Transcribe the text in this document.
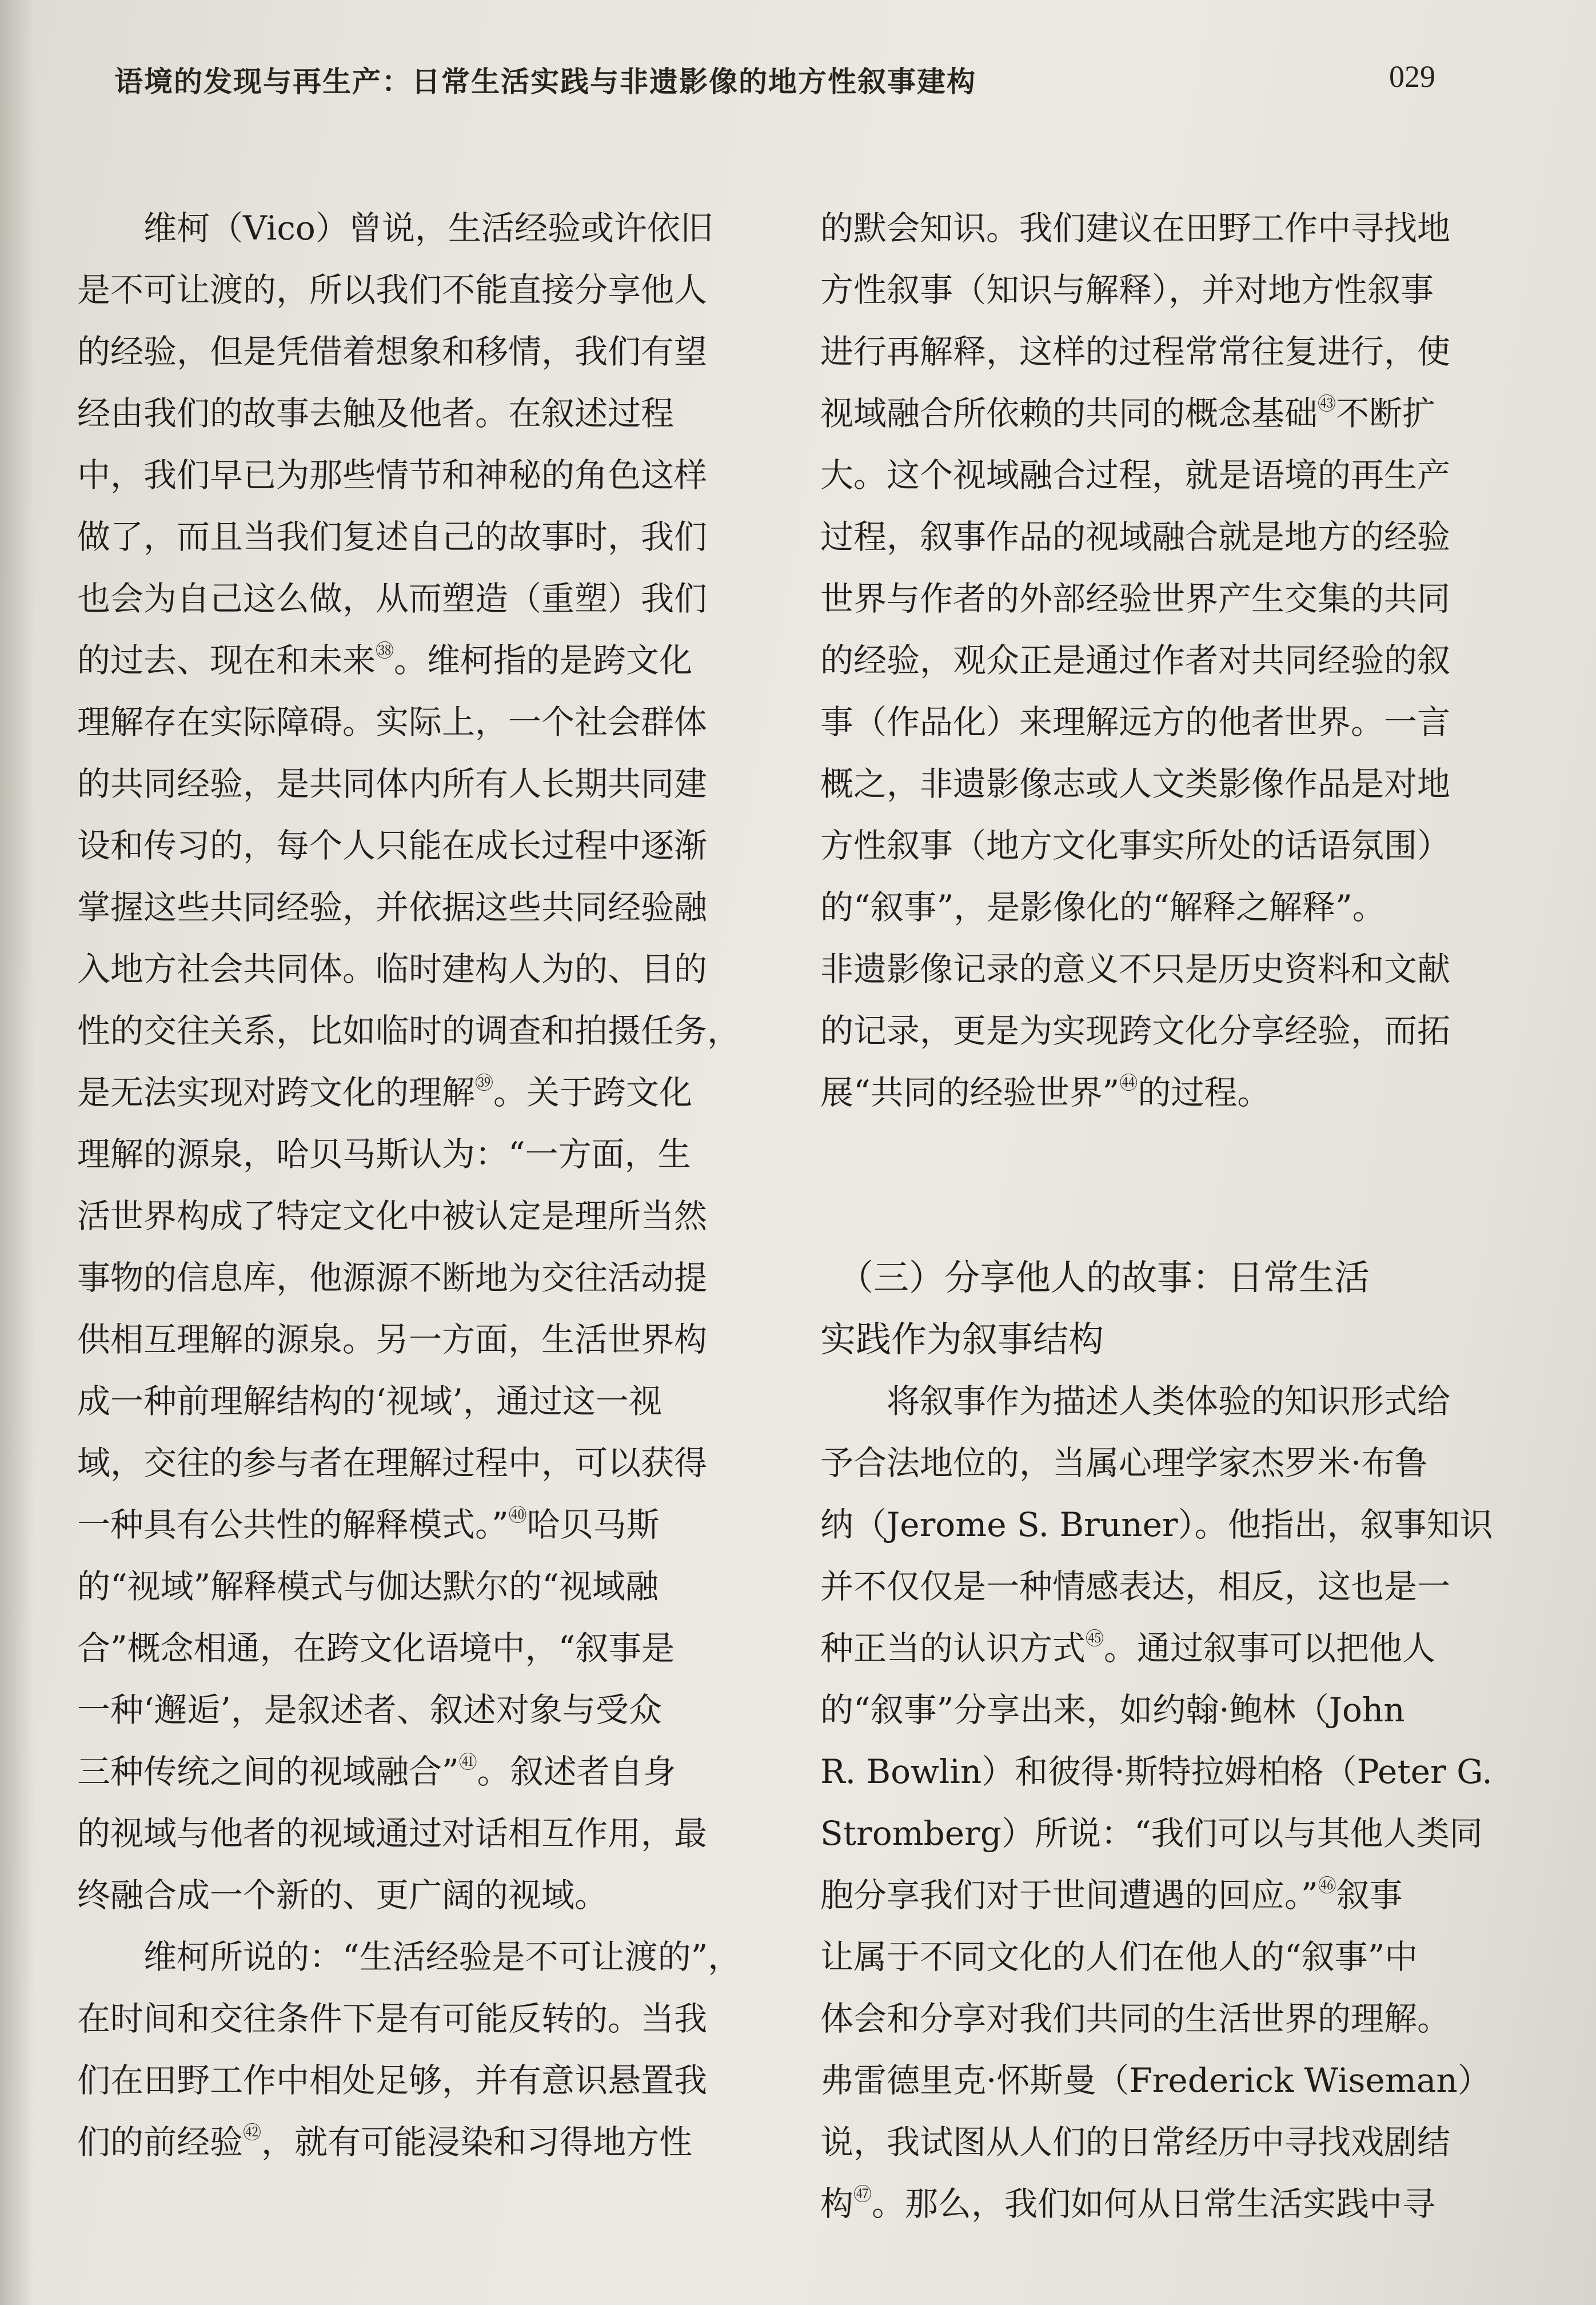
语境的发现与再生产：日常生活实践与非遗影像的地方性叙事建构	029
　　维柯（Vico）曾说，生活经验或许依旧
是不可让渡的，所以我们不能直接分享他人
的经验，但是凭借着想象和移情，我们有望
经由我们的故事去触及他者。在叙述过程
中，我们早已为那些情节和神秘的角色这样
做了，而且当我们复述自己的故事时，我们
也会为自己这么做，从而塑造（重塑）我们
的过去、现在和未来$^㊳$。维柯指的是跨文化
理解存在实际障碍。实际上，一个社会群体
的共同经验，是共同体内所有人长期共同建
设和传习的，每个人只能在成长过程中逐渐
掌握这些共同经验，并依据这些共同经验融
入地方社会共同体。临时建构人为的、目的
性的交往关系，比如临时的调查和拍摄任务，
是无法实现对跨文化的理解$^㊴$。关于跨文化
理解的源泉，哈贝马斯认为：“一方面，生
活世界构成了特定文化中被认定是理所当然
事物的信息库，他源源不断地为交往活动提
供相互理解的源泉。另一方面，生活世界构
成一种前理解结构的‘视域’，通过这一视
域，交往的参与者在理解过程中，可以获得
一种具有公共性的解释模式。”$^㊵$哈贝马斯
的“视域”解释模式与伽达默尔的“视域融
合”概念相通，在跨文化语境中，“叙事是
一种‘邂逅’，是叙述者、叙述对象与受众
三种传统之间的视域融合”$^㊶$。叙述者自身
的视域与他者的视域通过对话相互作用，最
终融合成一个新的、更广阔的视域。
　　维柯所说的：“生活经验是不可让渡的”，
在时间和交往条件下是有可能反转的。当我
们在田野工作中相处足够，并有意识悬置我
们的前经验$^㊷$，就有可能浸染和习得地方性
的默会知识。我们建议在田野工作中寻找地
方性叙事（知识与解释），并对地方性叙事
进行再解释，这样的过程常常往复进行，使
视域融合所依赖的共同的概念基础$^㊸$不断扩
大。这个视域融合过程，就是语境的再生产
过程，叙事作品的视域融合就是地方的经验
世界与作者的外部经验世界产生交集的共同
的经验，观众正是通过作者对共同经验的叙
事（作品化）来理解远方的他者世界。一言
概之，非遗影像志或人文类影像作品是对地
方性叙事（地方文化事实所处的话语氛围）
的“叙事”，是影像化的“解释之解释”。
非遗影像记录的意义不只是历史资料和文献
的记录，更是为实现跨文化分享经验，而拓
展“共同的经验世界”$^㊹$的过程。
　（三）分享他人的故事：日常生活
实践作为叙事结构
　　将叙事作为描述人类体验的知识形式给
予合法地位的，当属心理学家杰罗米·布鲁
纳（Jerome S. Bruner）。他指出，叙事知识
并不仅仅是一种情感表达，相反，这也是一
种正当的认识方式$^㊺$。通过叙事可以把他人
的“叙事”分享出来，如约翰·鲍林（John
R. Bowlin）和彼得·斯特拉姆柏格（Peter G.
Stromberg）所说：“我们可以与其他人类同
胞分享我们对于世间遭遇的回应。”$^㊻$叙事
让属于不同文化的人们在他人的“叙事”中
体会和分享对我们共同的生活世界的理解。
弗雷德里克·怀斯曼（Frederick Wiseman）
说，我试图从人们的日常经历中寻找戏剧结
构$^㊼$。那么，我们如何从日常生活实践中寻
